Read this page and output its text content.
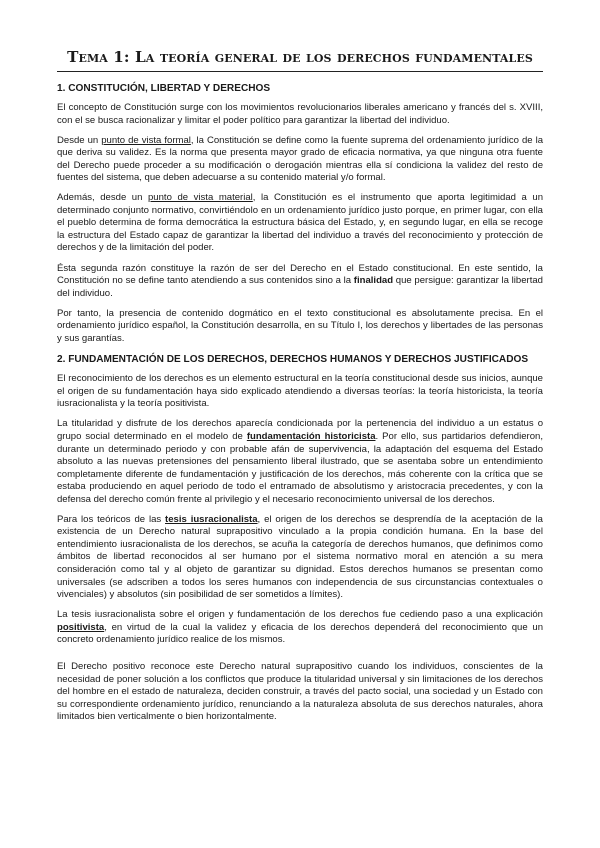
Tema 1: La teoría general de los derechos fundamentales
1. CONSTITUCIÓN, LIBERTAD Y DERECHOS

El concepto de Constitución surge con los movimientos revolucionarios liberales americano y francés del s. XVIII, con el se busca racionalizar y limitar el poder político para garantizar la libertad del individuo.

Desde un punto de vista formal, la Constitución se define como la fuente suprema del ordenamiento jurídico de la que deriva su validez. Es la norma que presenta mayor grado de eficacia normativa, ya que ninguna otra fuente del Derecho puede proceder a su modificación o derogación mientras ella sí condiciona la validez del resto de fuentes del sistema, que deben adecuarse a su contenido material y/o formal.

Además, desde un punto de vista material, la Constitución es el instrumento que aporta legitimidad a un determinado conjunto normativo, convirtiéndolo en un ordenamiento jurídico justo porque, en primer lugar, con ella el pueblo determina de forma democrática la estructura básica del Estado, y, en segundo lugar, en ella se recoge la estructura del Estado capaz de garantizar la libertad del individuo a través del reconocimiento y protección de derechos y de la limitación del poder.

Ésta segunda razón constituye la razón de ser del Derecho en el Estado constitucional. En este sentido, la Constitución no se define tanto atendiendo a sus contenidos sino a la finalidad que persigue: garantizar la libertad del individuo.

Por tanto, la presencia de contenido dogmático en el texto constitucional es absolutamente precisa. En el ordenamiento jurídico español, la Constitución desarrolla, en su Título I, los derechos y libertades de las personas y sus garantías.

2. FUNDAMENTACIÓN DE LOS DERECHOS, DERECHOS HUMANOS Y DERECHOS JUSTIFICADOS

El reconocimiento de los derechos es un elemento estructural en la teoría constitucional desde sus inicios, aunque el origen de su fundamentación haya sido explicado atendiendo a diversas teorías: la teoría historicista, la teoría iusracionalista y la teoría positivista.

La titularidad y disfrute de los derechos aparecía condicionada por la pertenencia del individuo a un estatus o grupo social determinado en el modelo de fundamentación historicista. Por ello, sus partidarios defendieron, durante un determinado periodo y con probable afán de supervivencia, la adaptación del esquema del Estado absoluto a las nuevas pretensiones del pensamiento liberal ilustrado, que se asentaba sobre un entendimiento completamente diferente de fundamentación y justificación de los derechos, más coherente con la crítica que se estaba produciendo en aquel periodo de todo el entramado de absolutismo y aristocracia precedentes, y con la defensa del derecho común frente al privilegio y el necesario reconocimiento universal de los derechos.

Para los teóricos de las tesis iusracionalista, el origen de los derechos se desprendía de la aceptación de la existencia de un Derecho natural suprapositivo vinculado a la propia condición humana. En la base del entendimiento iusracionalista de los derechos, se acuña la categoría de derechos humanos, que definimos como ámbitos de libertad reconocidos al ser humano por el sistema normativo moral en atención a su mera consideración como tal y al objeto de garantizar su dignidad. Estos derechos humanos se presentan como universales (se adscriben a todos los seres humanos con independencia de sus circunstancias contextuales o vivenciales) y absolutos (sin posibilidad de ser sometidos a límites).

La tesis iusracionalista sobre el origen y fundamentación de los derechos fue cediendo paso a una explicación positivista, en virtud de la cual la validez y eficacia de los derechos dependerá del reconocimiento que un concreto ordenamiento jurídico realice de los mismos.

El Derecho positivo reconoce este Derecho natural suprapositivo cuando los individuos, conscientes de la necesidad de poner solución a los conflictos que produce la titularidad universal y sin limitaciones de los derechos del hombre en el estado de naturaleza, deciden construir, a través del pacto social, una sociedad y un Estado con su correspondiente ordenamiento jurídico, renunciando a la naturaleza absoluta de sus derechos naturales, ahora limitados bien verticalmente o bien horizontalmente.
